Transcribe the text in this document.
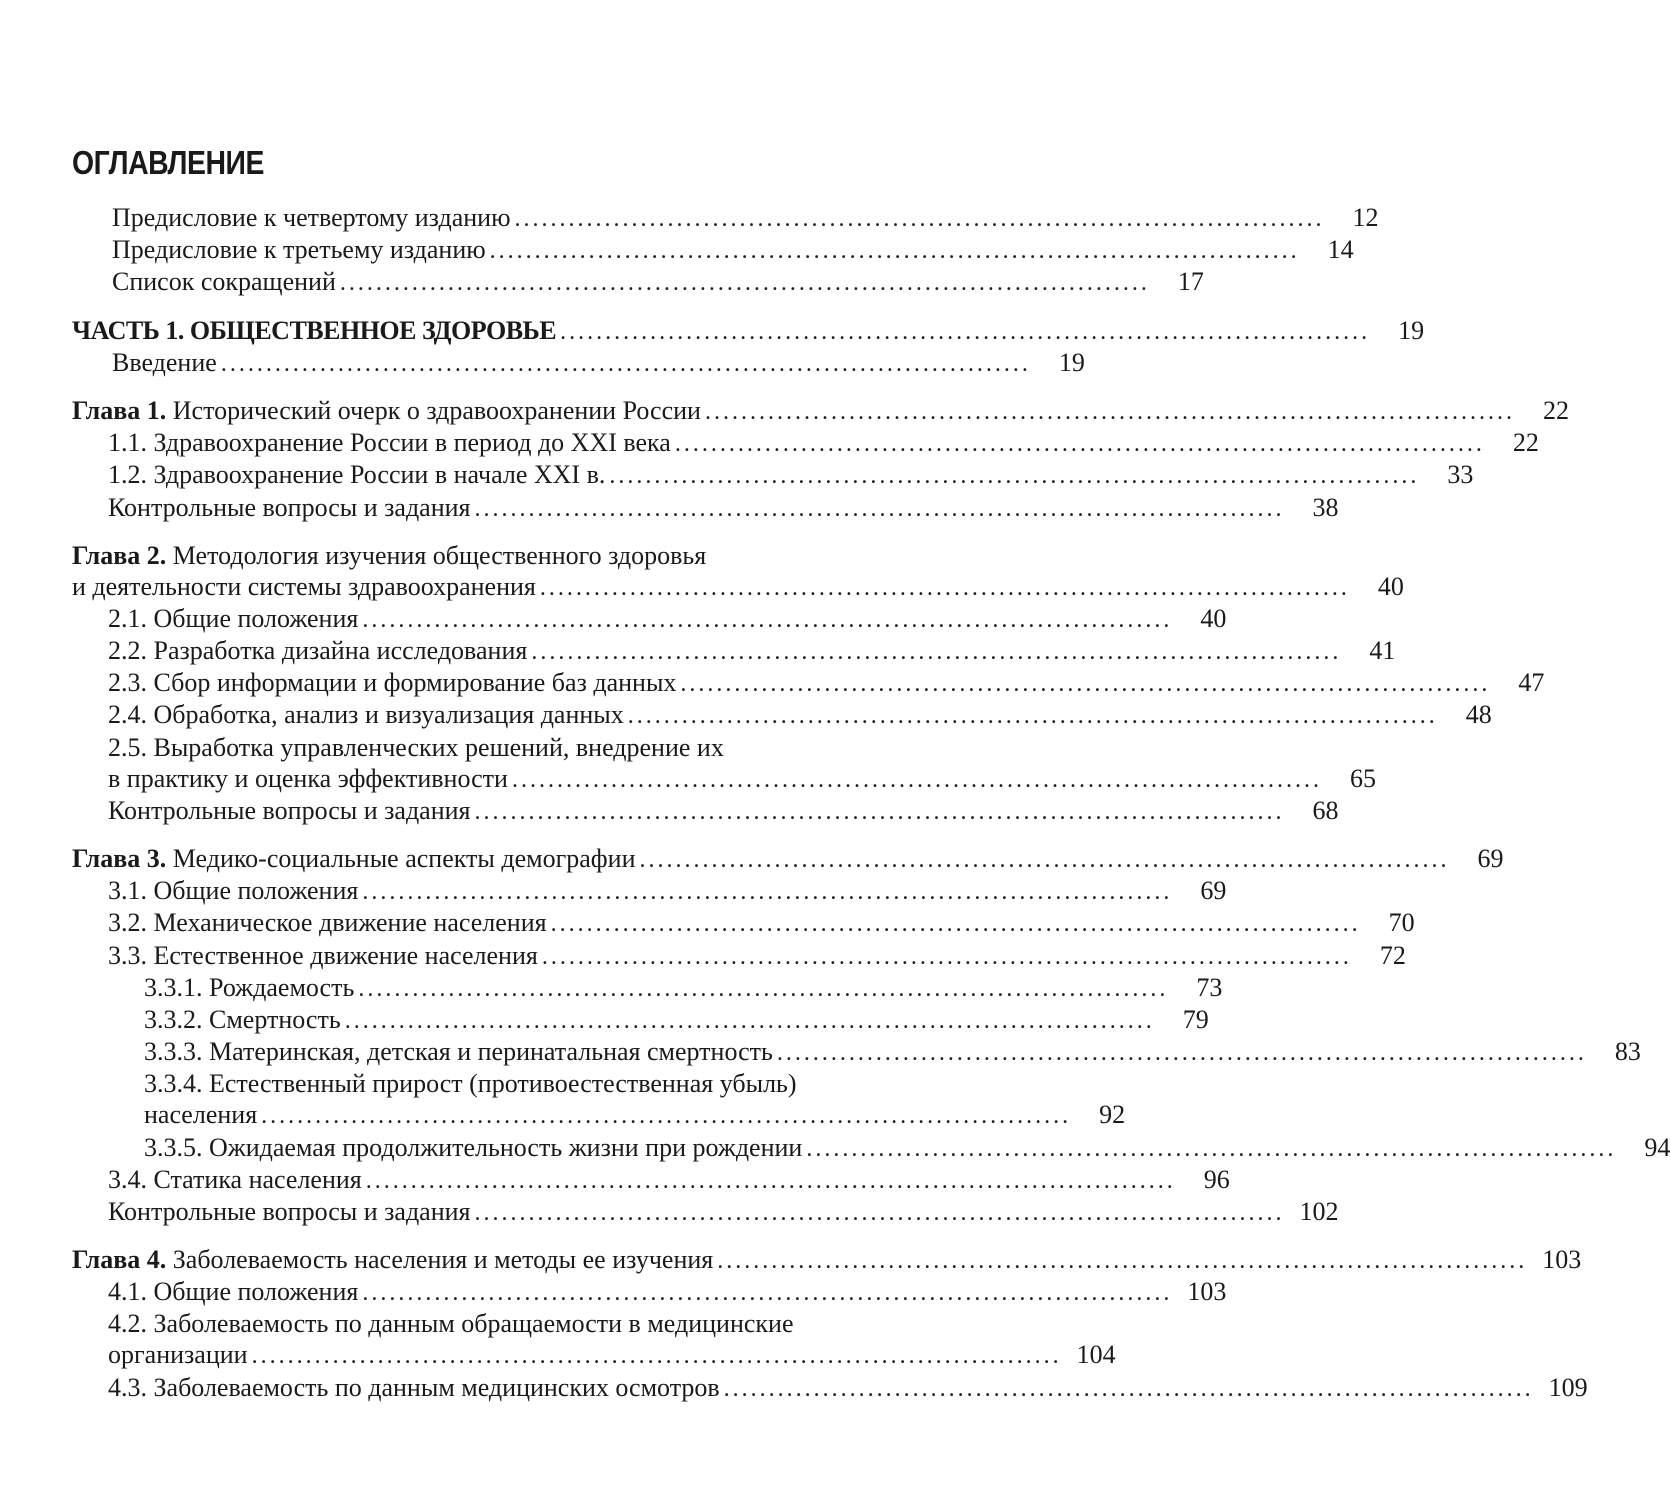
ОГЛАВЛЕНИЕ
Предисловие к четвертому изданию ..........................................................................................	12
Предисловие к третьему изданию ..........................................................................................	14
Список сокращений ..........................................................................................	17
ЧАСТЬ 1. ОБЩЕСТВЕННОЕ ЗДОРОВЬЕ ..........................................................................................	19
Введение ..........................................................................................	19
Глава 1. Исторический очерк о здравоохранении России ..........................................................................................	22
1.1. Здравоохранение России в период до XXI века ..........................................................................................	22
1.2. Здравоохранение России в начале XXI в. ..........................................................................................	33
Контрольные вопросы и задания ..........................................................................................	38
Глава 2. Методология изучения общественного здоровья
и деятельности системы здравоохранения ..........................................................................................	40
2.1. Общие положения ..........................................................................................	40
2.2. Разработка дизайна исследования ..........................................................................................	41
2.3. Сбор информации и формирование баз данных ..........................................................................................	47
2.4. Обработка, анализ и визуализация данных ..........................................................................................	48
2.5. Выработка управленческих решений, внедрение их
в практику и оценка эффективности ..........................................................................................	65
Контрольные вопросы и задания ..........................................................................................	68
Глава 3. Медико-социальные аспекты демографии ..........................................................................................	69
3.1. Общие положения ..........................................................................................	69
3.2. Механическое движение населения ..........................................................................................	70
3.3. Естественное движение населения ..........................................................................................	72
3.3.1. Рождаемость ..........................................................................................	73
3.3.2. Смертность ..........................................................................................	79
3.3.3. Материнская, детская и перинатальная смертность ..........................................................................................	83
3.3.4. Естественный прирост (противоестественная убыль)
населения ..........................................................................................	92
3.3.5. Ожидаемая продолжительность жизни при рождении ..........................................................................................	94
3.4. Статика населения ..........................................................................................	96
Контрольные вопросы и задания .......................................................................................... 102
Глава 4. Заболеваемость населения и методы ее изучения .......................................................................................... 103
4.1. Общие положения .......................................................................................... 103
4.2. Заболеваемость по данным обращаемости в медицинские
организации .......................................................................................... 104
4.3. Заболеваемость по данным медицинских осмотров .......................................................................................... 109
